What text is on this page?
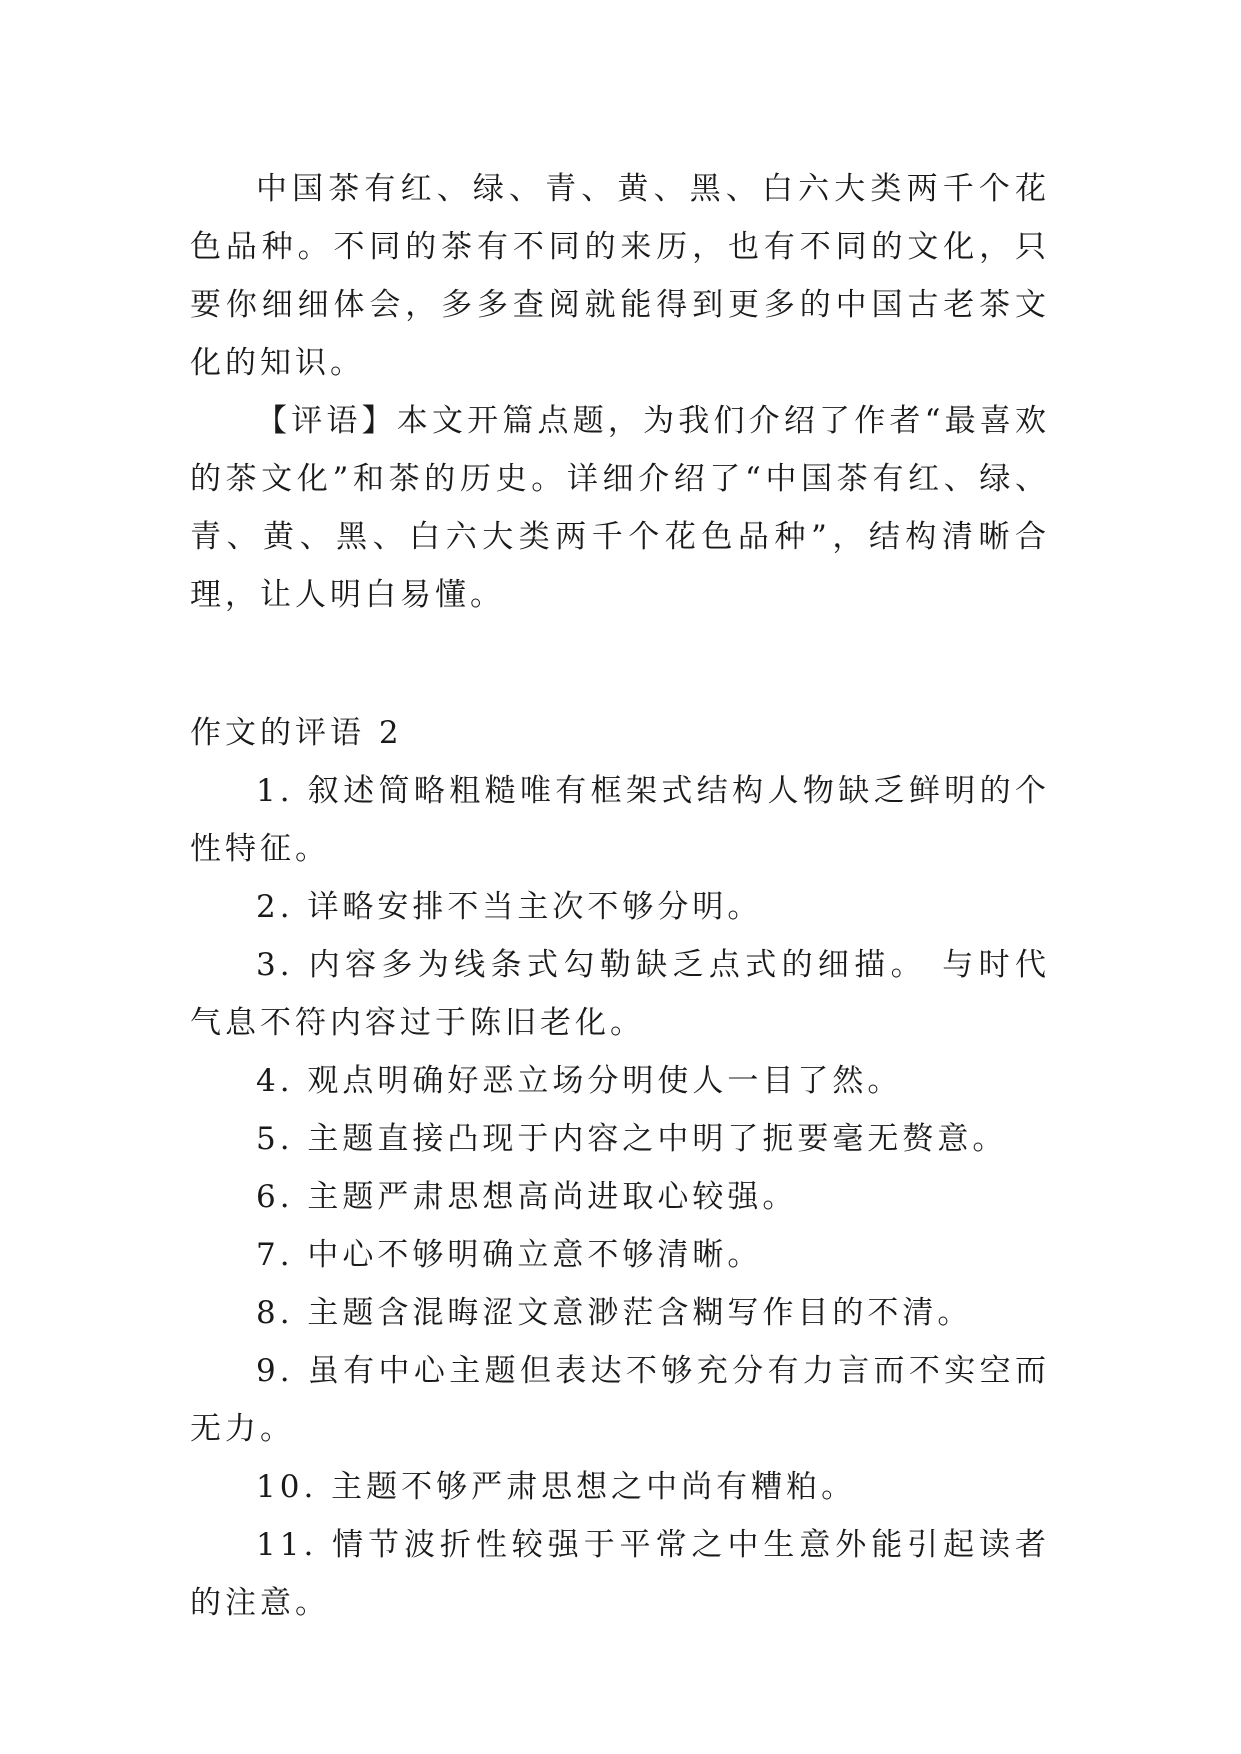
中国茶有红、绿、青、黄、黑、白六大类两千个花色品种。不同的茶有不同的来历，也有不同的文化，只要你细细体会，多多查阅就能得到更多的中国古老茶文化的知识。

【评语】本文开篇点题，为我们介绍了作者“最喜欢的茶文化”和茶的历史。详细介绍了“中国茶有红、绿、青、黄、黑、白六大类两千个花色品种”，结构清晰合理，让人明白易懂。

作文的评语 2

1. 叙述简略粗糙唯有框架式结构人物缺乏鲜明的个性特征。

2. 详略安排不当主次不够分明。

3. 内容多为线条式勾勒缺乏点式的细描。 与时代气息不符内容过于陈旧老化。

4. 观点明确好恶立场分明使人一目了然。

5. 主题直接凸现于内容之中明了扼要毫无赘意。

6. 主题严肃思想高尚进取心较强。

7. 中心不够明确立意不够清晰。

8. 主题含混晦涩文意渺茫含糊写作目的不清。

9. 虽有中心主题但表达不够充分有力言而不实空而无力。

10. 主题不够严肃思想之中尚有糟粕。

11. 情节波折性较强于平常之中生意外能引起读者的注意。
